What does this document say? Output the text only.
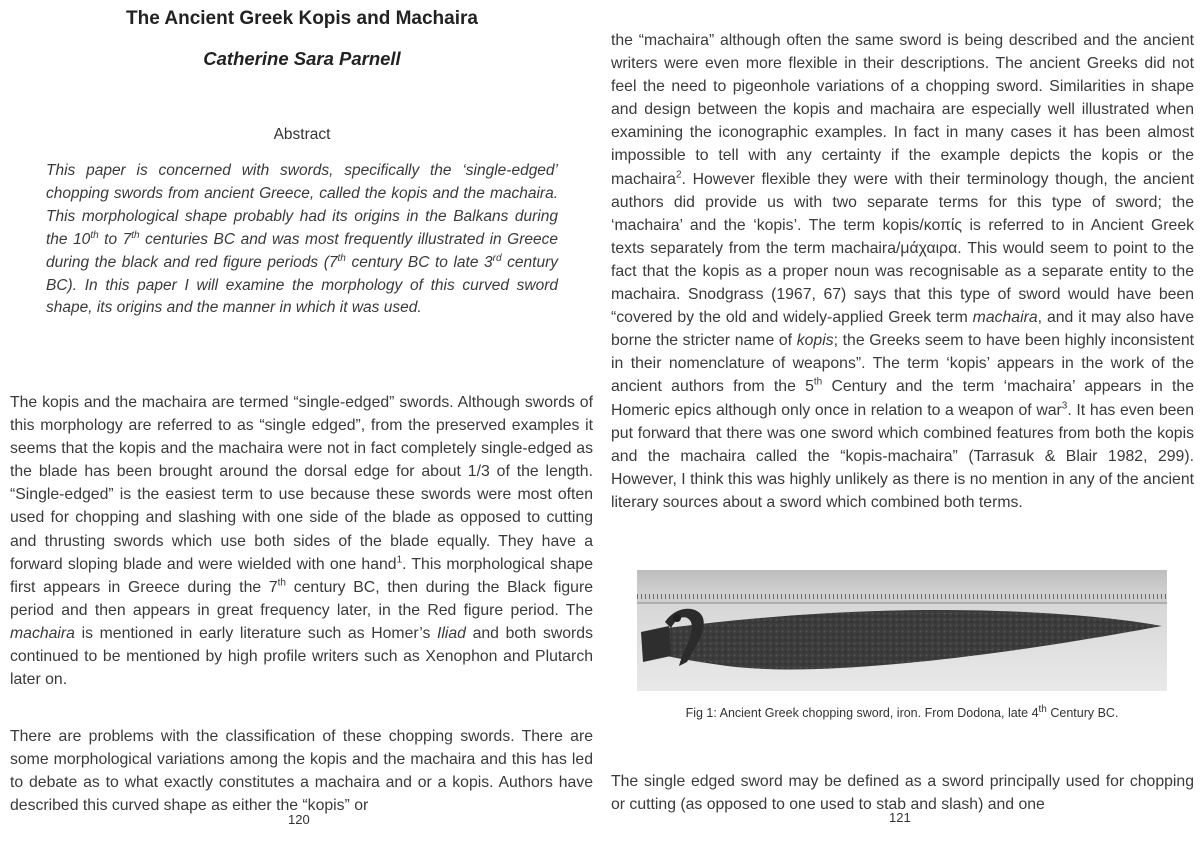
The Ancient Greek Kopis and Machaira
Catherine Sara Parnell
Abstract

This paper is concerned with swords, specifically the ‘single-edged’ chopping swords from ancient Greece, called the kopis and the machaira. This morphological shape probably had its origins in the Balkans during the 10th to 7th centuries BC and was most frequently illustrated in Greece during the black and red figure periods (7th century BC to late 3rd century BC). In this paper I will examine the morphology of this curved sword shape, its origins and the manner in which it was used.

The kopis and the machaira are termed “single-edged” swords. Although swords of this morphology are referred to as “single edged”, from the preserved examples it seems that the kopis and the machaira were not in fact completely single-edged as the blade has been brought around the dorsal edge for about 1/3 of the length. “Single-edged” is the easiest term to use because these swords were most often used for chopping and slashing with one side of the blade as opposed to cutting and thrusting swords which use both sides of the blade equally. They have a forward sloping blade and were wielded with one hand$^1$. This morphological shape first appears in Greece during the 7th century BC, then during the Black figure period and then appears in great frequency later, in the Red figure period. The machaira is mentioned in early literature such as Homer’s Iliad and both swords continued to be mentioned by high profile writers such as Xenophon and Plutarch later on.

There are problems with the classification of these chopping swords. There are some morphological variations among the kopis and the machaira and this has led to debate as to what exactly constitutes a machaira and or a kopis. Authors have described this curved shape as either the “kopis” or

120

the “machaira” although often the same sword is being described and the ancient writers were even more flexible in their descriptions. The ancient Greeks did not feel the need to pigeonhole variations of a chopping sword. Similarities in shape and design between the kopis and machaira are especially well illustrated when examining the iconographic examples. In fact in many cases it has been almost impossible to tell with any certainty if the example depicts the kopis or the machaira$^2$. However flexible they were with their terminology though, the ancient authors did provide us with two separate terms for this type of sword; the ‘machaira’ and the ‘kopis’. The term kopis/κοπίς is referred to in Ancient Greek texts separately from the term machaira/μάχαιρα. This would seem to point to the fact that the kopis as a proper noun was recognisable as a separate entity to the machaira. Snodgrass (1967, 67) says that this type of sword would have been “covered by the old and widely-applied Greek term machaira, and it may also have borne the stricter name of kopis; the Greeks seem to have been highly inconsistent in their nomenclature of weapons”. The term ‘kopis’ appears in the work of the ancient authors from the 5th Century and the term ‘machaira’ appears in the Homeric epics although only once in relation to a weapon of war$^3$. It has even been put forward that there was one sword which combined features from both the kopis and the machaira called the “kopis-machaira” (Tarrasuk & Blair 1982, 299). However, I think this was highly unlikely as there is no mention in any of the ancient literary sources about a sword which combined both terms.

Fig 1: Ancient Greek chopping sword, iron. From Dodona, late 4th Century BC.

The single edged sword may be defined as a sword principally used for chopping or cutting (as opposed to one used to stab and slash) and one

121
